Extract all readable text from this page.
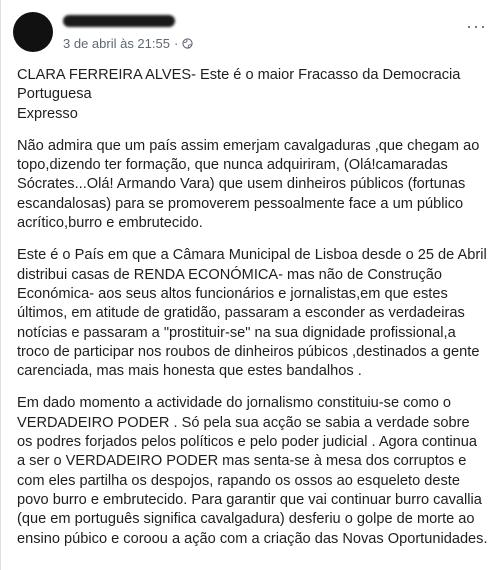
3 de abril às 21:55 ·
···

CLARA FERREIRA ALVES- Este é o maior Fracasso da Democracia Portuguesa
Expresso

Não admira que um país assim emerjam cavalgaduras ,que chegam ao topo,dizendo ter formação, que nunca adquiriram, (Olá!camaradas Sócrates...Olá! Armando Vara) que usem dinheiros públicos (fortunas escandalosas) para se promoverem pessoalmente face a um público acrítico,burro e embrutecido.

Este é o País em que a Câmara Municipal de Lisboa desde o 25 de Abril distribui casas de RENDA ECONÓMICA- mas não de Construção Económica- aos seus altos funcionários e jornalistas,em que estes últimos, em atitude de gratidão, passaram a esconder as verdadeiras notícias e passaram a "prostituir-se" na sua dignidade profissional,a troco de participar nos roubos de dinheiros púbicos ,destinados a gente carenciada, mas mais honesta que estes bandalhos .

Em dado momento a actividade do jornalismo constituiu-se como o VERDADEIRO PODER . Só pela sua acção se sabia a verdade sobre os podres forjados pelos políticos e pelo poder judicial . Agora continua a ser o VERDADEIRO PODER mas senta-se à mesa dos corruptos e com eles partilha os despojos, rapando os ossos ao esqueleto deste povo burro e embrutecido. Para garantir que vai continuar burro cavallia (que em português significa cavalgadura) desferiu o golpe de morte ao ensino púbico e coroou a ação com a criação das Novas Oportunidades.
